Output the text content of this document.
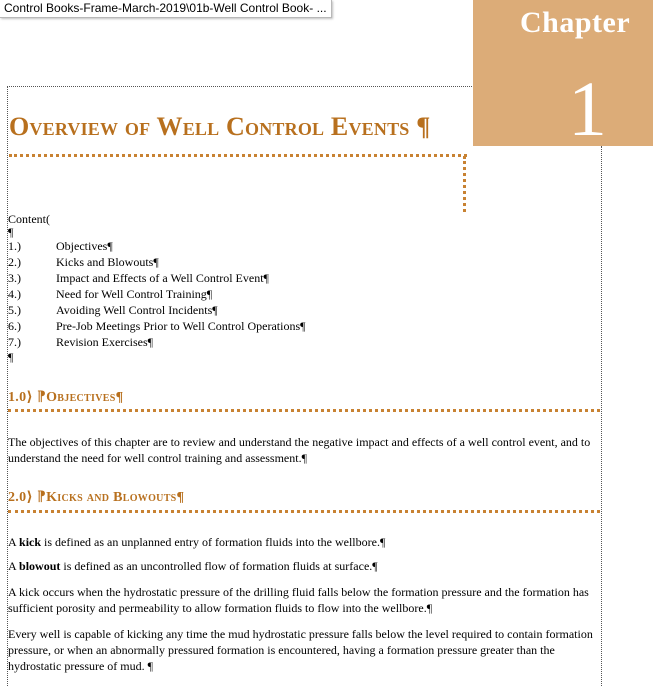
Control Books-Frame-March-2019\01b-Well Control Book- ...	Chapter
1
Overview of Well Control Events ¶
Content(
¶
1.)	Objectives¶
2.)	Kicks and Blowouts¶
3.)	Impact and Effects of a Well Control Event¶
4.)	Need for Well Control Training¶
5.)	Avoiding Well Control Incidents¶
6.)	Pre-Job Meetings Prior to Well Control Operations¶
7.)	Revision Exercises¶
¶
1.0⟩ ⁋Objectives¶
The objectives of this chapter are to review and understand the negative impact and effects of a well control event, and to understand the need for well control training and assessment.¶
2.0⟩ ⁋Kicks and Blowouts¶
A kick is defined as an unplanned entry of formation fluids into the wellbore.¶
A blowout is defined as an uncontrolled flow of formation fluids at surface.¶
A kick occurs when the hydrostatic pressure of the drilling fluid falls below the formation pressure and the formation has sufficient porosity and permeability to allow formation fluids to flow into the wellbore.¶
Every well is capable of kicking any time the mud hydrostatic pressure falls below the level required to contain formation pressure, or when an abnormally pressured formation is encountered, having a formation pressure greater than the hydrostatic pressure of mud. ¶
